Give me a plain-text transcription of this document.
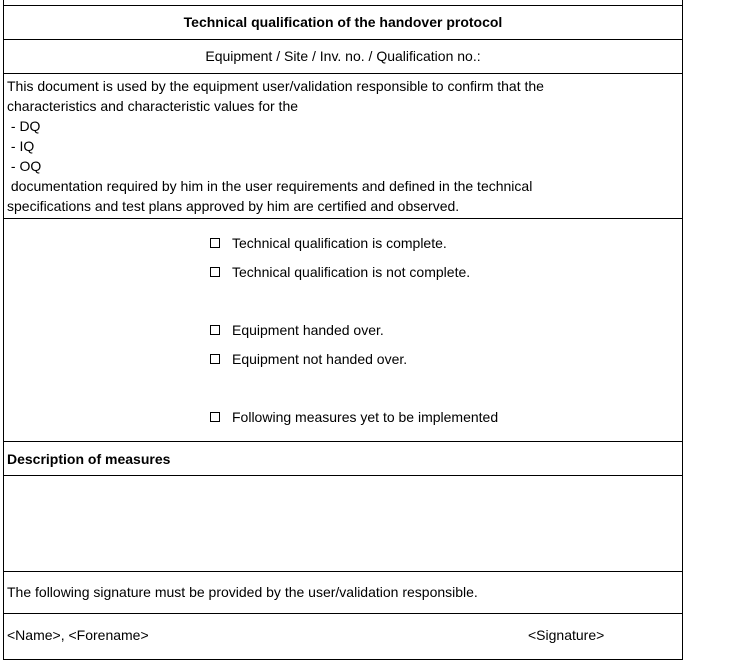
Technical qualification of the handover protocol
Equipment / Site / Inv. no. / Qualification no.:
This document is used by the equipment user/validation responsible to confirm that the
characteristics and characteristic values for the
- DQ
- IQ
- OQ
documentation required by him in the user requirements and defined in the technical
specifications and test plans approved by him are certified and observed.
Technical qualification is complete.
Technical qualification is not complete.
Equipment handed over.
Equipment not handed over.
Following measures yet to be implemented
Description of measures
The following signature must be provided by the user/validation responsible.
<Name>, <Forename>	<Signature>
